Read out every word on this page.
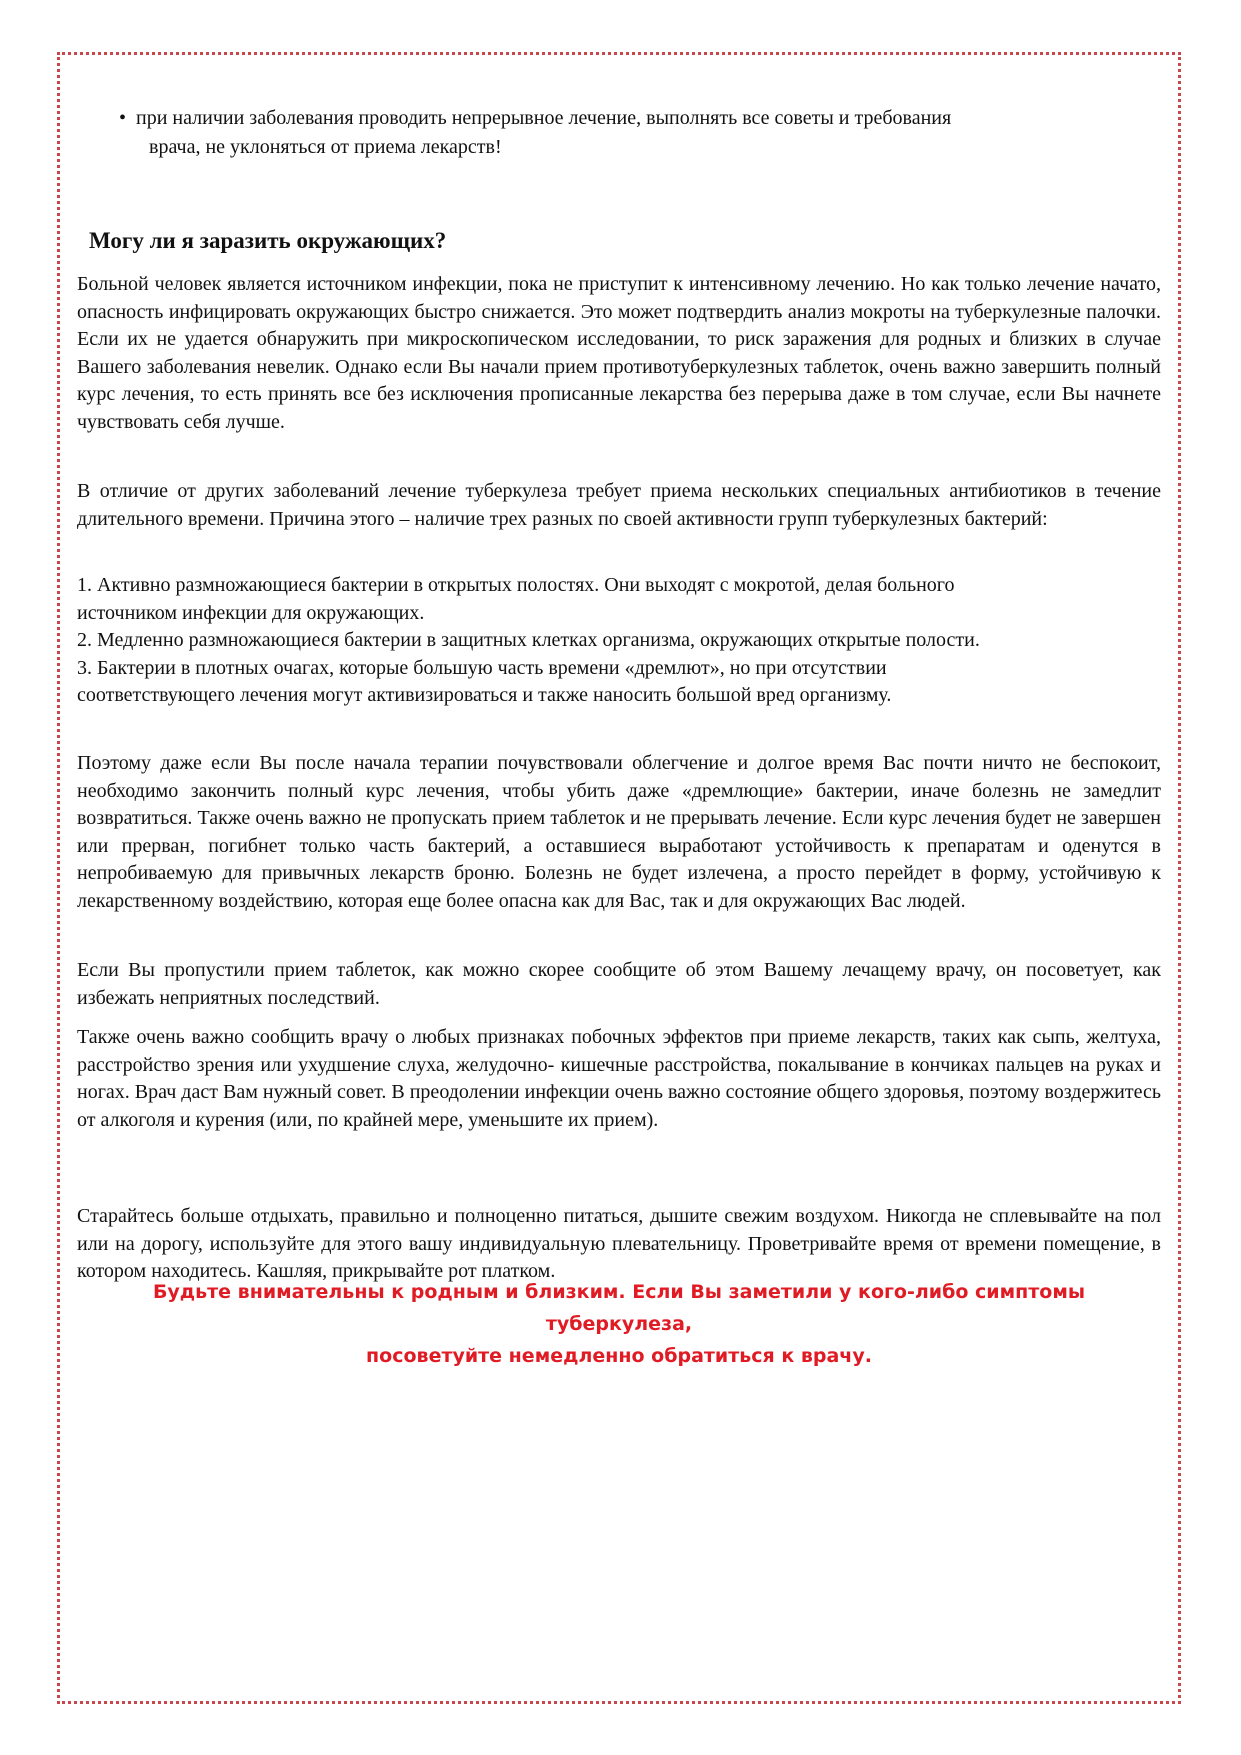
• при наличии заболевания проводить непрерывное лечение, выполнять все советы и требования
врача, не уклоняться от приема лекарств!
Могу ли я заразить окружающих?

Больной человек является источником инфекции, пока не приступит к интенсивному лечению. Но как только лечение начато, опасность инфицировать окружающих быстро снижается. Это может подтвердить анализ мокроты на туберкулезные палочки. Если их не удается обнаружить при микроскопическом исследовании, то риск заражения для родных и близких в случае Вашего заболевания невелик. Однако если Вы начали прием противотуберкулезных таблеток, очень важно завершить полный курс лечения, то есть принять все без исключения прописанные лекарства без перерыва даже в том случае, если Вы начнете чувствовать себя лучше.

В отличие от других заболеваний лечение туберкулеза требует приема нескольких специальных антибиотиков в течение длительного времени. Причина этого – наличие трех разных по своей активности групп туберкулезных бактерий:

1. Активно размножающиеся бактерии в открытых полостях. Они выходят с мокротой, делая больного

источником инфекции для окружающих.

2. Медленно размножающиеся бактерии в защитных клетках организма, окружающих открытые полости.

3. Бактерии в плотных очагах, которые большую часть времени «дремлют», но при отсутствии

соответствующего лечения могут активизироваться и также наносить большой вред организму.

Поэтому даже если Вы после начала терапии почувствовали облегчение и долгое время Вас почти ничто не беспокоит, необходимо закончить полный курс лечения, чтобы убить даже «дремлющие» бактерии, иначе болезнь не замедлит возвратиться. Также очень важно не пропускать прием таблеток и не прерывать лечение. Если курс лечения будет не завершен или прерван, погибнет только часть бактерий, а оставшиеся выработают устойчивость к препаратам и оденутся в непробиваемую для привычных лекарств броню. Болезнь не будет излечена, а просто перейдет в форму, устойчивую к лекарственному воздействию, которая еще более опасна как для Вас, так и для окружающих Вас людей.

Если Вы пропустили прием таблеток, как можно скорее сообщите об этом Вашему лечащему врачу, он посоветует, как избежать неприятных последствий.

Также очень важно сообщить врачу о любых признаках побочных эффектов при приеме лекарств, таких как сыпь, желтуха, расстройство зрения или ухудшение слуха, желудочно- кишечные расстройства, покалывание в кончиках пальцев на руках и ногах. Врач даст Вам нужный совет. В преодолении инфекции очень важно состояние общего здоровья, поэтому воздержитесь от алкоголя и курения (или, по крайней мере, уменьшите их прием).

Старайтесь больше отдыхать, правильно и полноценно питаться, дышите свежим воздухом. Никогда не сплевывайте на пол или на дорогу, используйте для этого вашу индивидуальную плевательницу. Проветривайте время от времени помещение, в котором находитесь. Кашляя, прикрывайте рот платком.

Будьте внимательны к родным и близким. Если Вы заметили у кого-либо симптомы туберкулеза,
посоветуйте немедленно обратиться к врачу.
